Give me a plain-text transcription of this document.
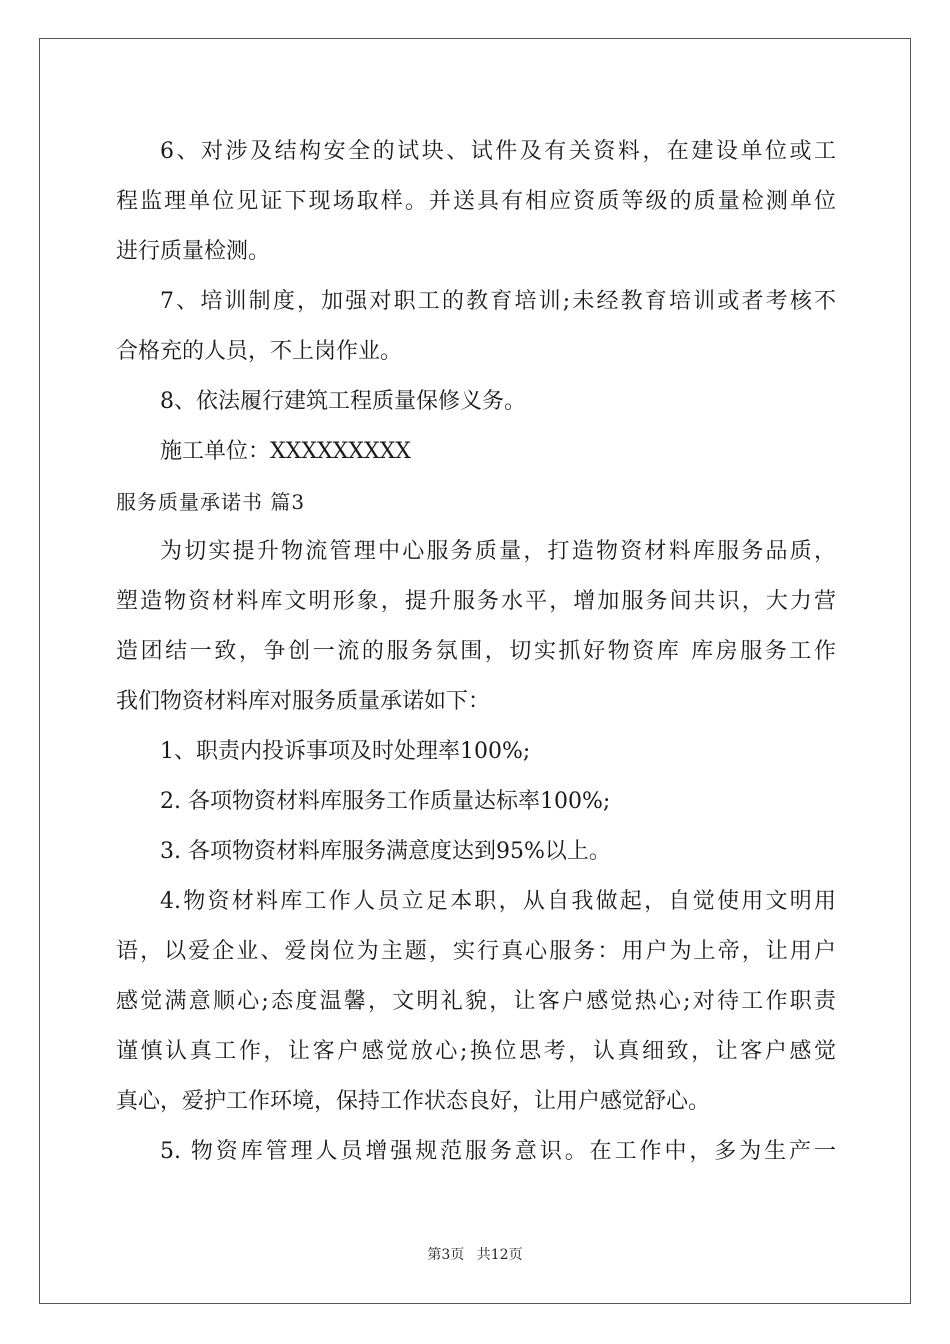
6、对涉及结构安全的试块、试件及有关资料，在建设单位或工
程监理单位见证下现场取样。并送具有相应资质等级的质量检测单位
进行质量检测。
7、培训制度，加强对职工的教育培训;未经教育培训或者考核不
合格充的人员，不上岗作业。
8、依法履行建筑工程质量保修义务。
施工单位：XXXXXXXXX
服务质量承诺书 篇3
为切实提升物流管理中心服务质量，打造物资材料库服务品质，
塑造物资材料库文明形象，提升服务水平，增加服务间共识，大力营
造团结一致，争创一流的服务氛围，切实抓好物资库 库房服务工作
我们物资材料库对服务质量承诺如下：
1、职责内投诉事项及时处理率100%;
2. 各项物资材料库服务工作质量达标率100%;
3. 各项物资材料库服务满意度达到95%以上。
4.物资材料库工作人员立足本职，从自我做起，自觉使用文明用
语，以爱企业、爱岗位为主题，实行真心服务：用户为上帝，让用户
感觉满意顺心;态度温馨，文明礼貌，让客户感觉热心;对待工作职责
谨慎认真工作，让客户感觉放心;换位思考，认真细致，让客户感觉
真心，爱护工作环境，保持工作状态良好，让用户感觉舒心。
5. 物资库管理人员增强规范服务意识。在工作中，多为生产一
第3页 共12页
